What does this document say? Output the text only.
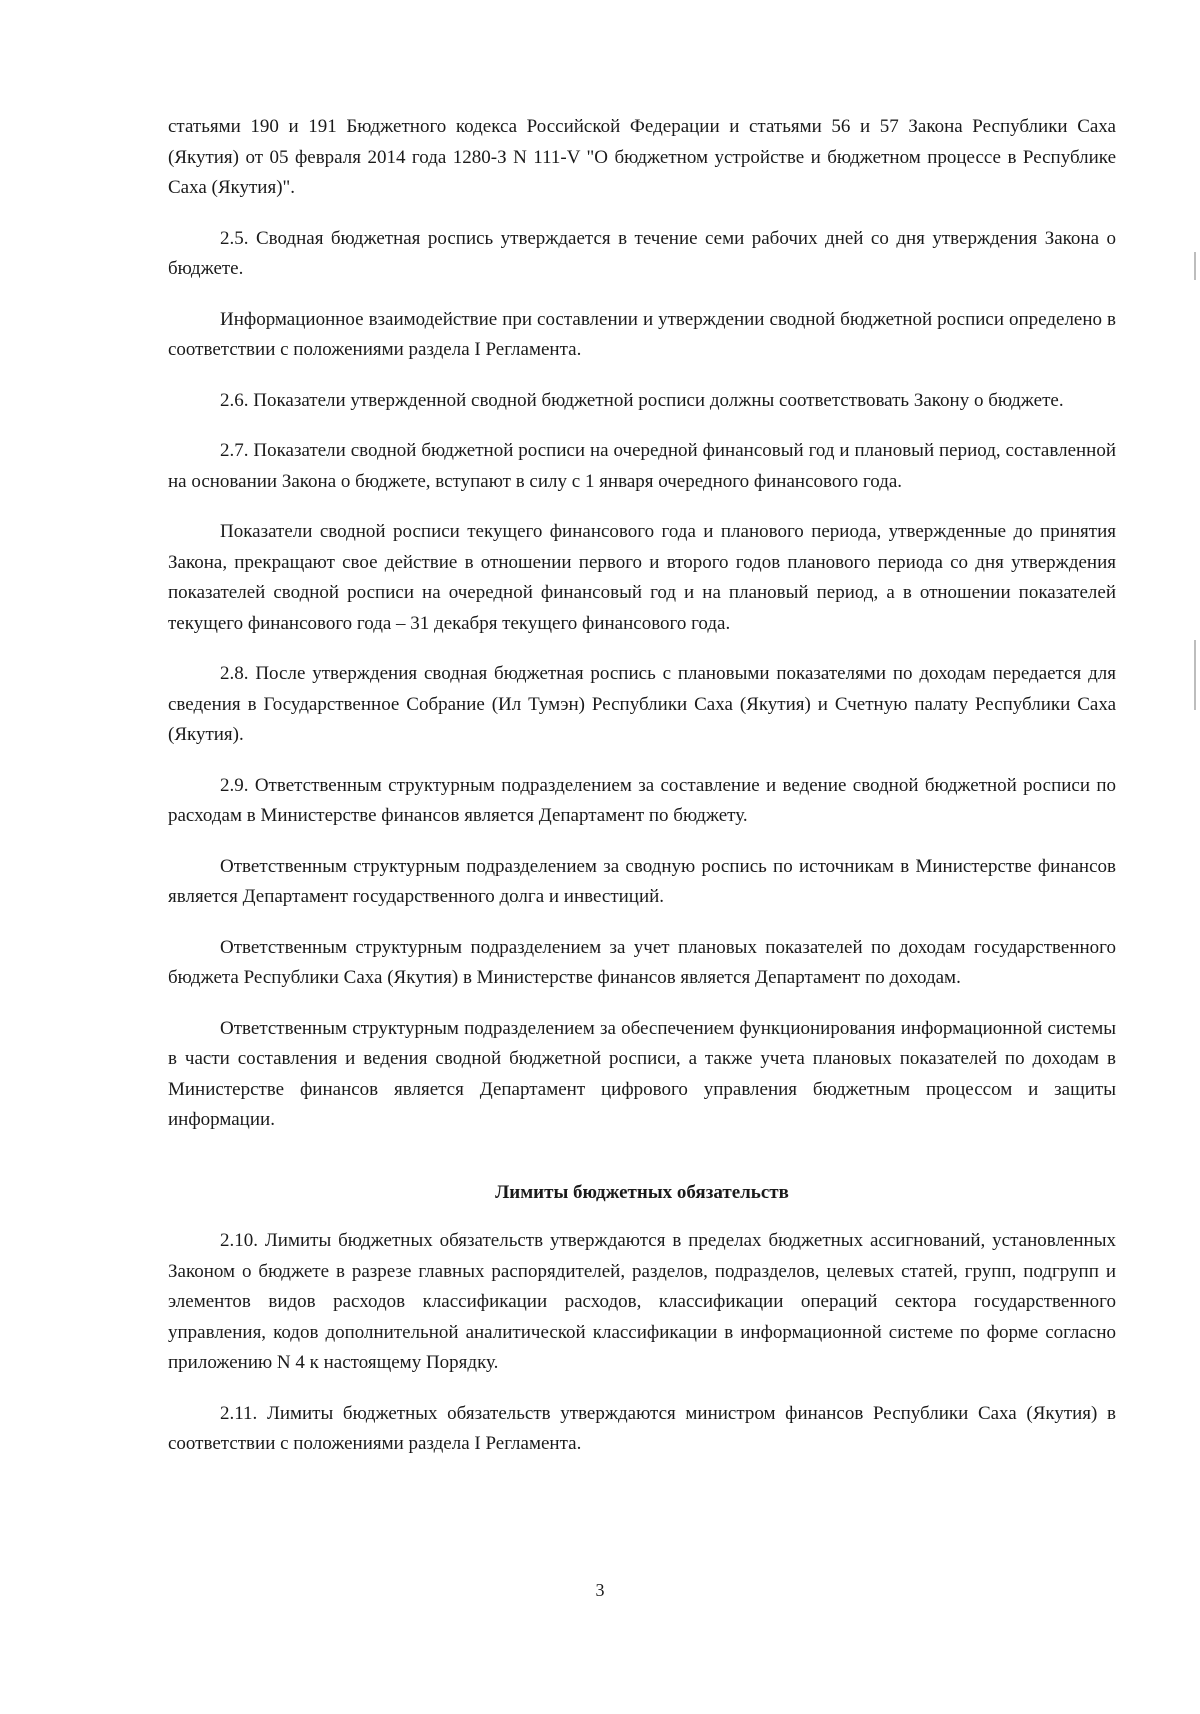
статьями 190 и 191 Бюджетного кодекса Российской Федерации и статьями 56 и 57 Закона Республики Саха (Якутия) от 05 февраля 2014 года 1280-З N 111-V "О бюджетном устройстве и бюджетном процессе в Республике Саха (Якутия)".

2.5. Сводная бюджетная роспись утверждается в течение семи рабочих дней со дня утверждения Закона о бюджете.

Информационное взаимодействие при составлении и утверждении сводной бюджетной росписи определено в соответствии с положениями раздела I Регламента.

2.6. Показатели утвержденной сводной бюджетной росписи должны соответствовать Закону о бюджете.

2.7. Показатели сводной бюджетной росписи на очередной финансовый год и плановый период, составленной на основании Закона о бюджете, вступают в силу с 1 января очередного финансового года.

Показатели сводной росписи текущего финансового года и планового периода, утвержденные до принятия Закона, прекращают свое действие в отношении первого и второго годов планового периода со дня утверждения показателей сводной росписи на очередной финансовый год и на плановый период, а в отношении показателей текущего финансового года – 31 декабря текущего финансового года.

2.8. После утверждения сводная бюджетная роспись с плановыми показателями по доходам передается для сведения в Государственное Собрание (Ил Тумэн) Республики Саха (Якутия) и Счетную палату Республики Саха (Якутия).

2.9. Ответственным структурным подразделением за составление и ведение сводной бюджетной росписи по расходам в Министерстве финансов является Департамент по бюджету.

Ответственным структурным подразделением за сводную роспись по источникам в Министерстве финансов является Департамент государственного долга и инвестиций.

Ответственным структурным подразделением за учет плановых показателей по доходам государственного бюджета Республики Саха (Якутия) в Министерстве финансов является Департамент по доходам.

Ответственным структурным подразделением за обеспечением функционирования информационной системы в части составления и ведения сводной бюджетной росписи, а также учета плановых показателей по доходам в Министерстве финансов является Департамент цифрового управления бюджетным процессом и защиты информации.

Лимиты бюджетных обязательств

2.10. Лимиты бюджетных обязательств утверждаются в пределах бюджетных ассигнований, установленных Законом о бюджете в разрезе главных распорядителей, разделов, подразделов, целевых статей, групп, подгрупп и элементов видов расходов классификации расходов, классификации операций сектора государственного управления, кодов дополнительной аналитической классификации в информационной системе по форме согласно приложению N 4 к настоящему Порядку.

2.11. Лимиты бюджетных обязательств утверждаются министром финансов Республики Саха (Якутия) в соответствии с положениями раздела I Регламента.

3
